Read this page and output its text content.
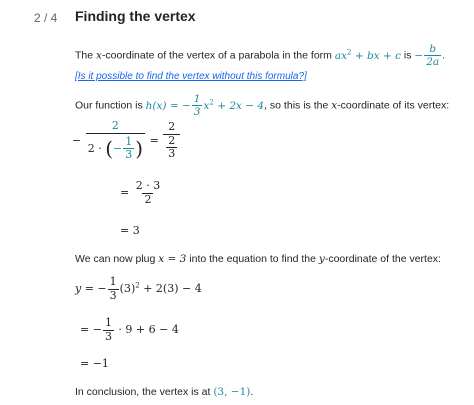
2 / 4 Finding the vertex
The x-coordinate of the vertex of a parabola in the form $ax^2$ + bx + c is − $\frac{b}{2a}$ .
[Is it possible to find the vertex without this formula?]
Our function is h(x) = − $\frac{1}{3} x^2 + 2x - 4$, so this is the x-coordinate of its vertex:
− $\frac{2}{2 \cdot (- \frac{1}{3} )} = \frac{2}{\frac{2}{3}}$
= $\frac{2 \cdot 3}{2}$
= 3
We can now plug x = 3 into the equation to find the y-coordinate of the vertex:
y = − $\frac{1}{3} (3)^2 + 2(3) - 4$
= − $\frac{1}{3} \cdot 9 + 6 - 4$
= −1
In conclusion, the vertex is at (3, −1).
